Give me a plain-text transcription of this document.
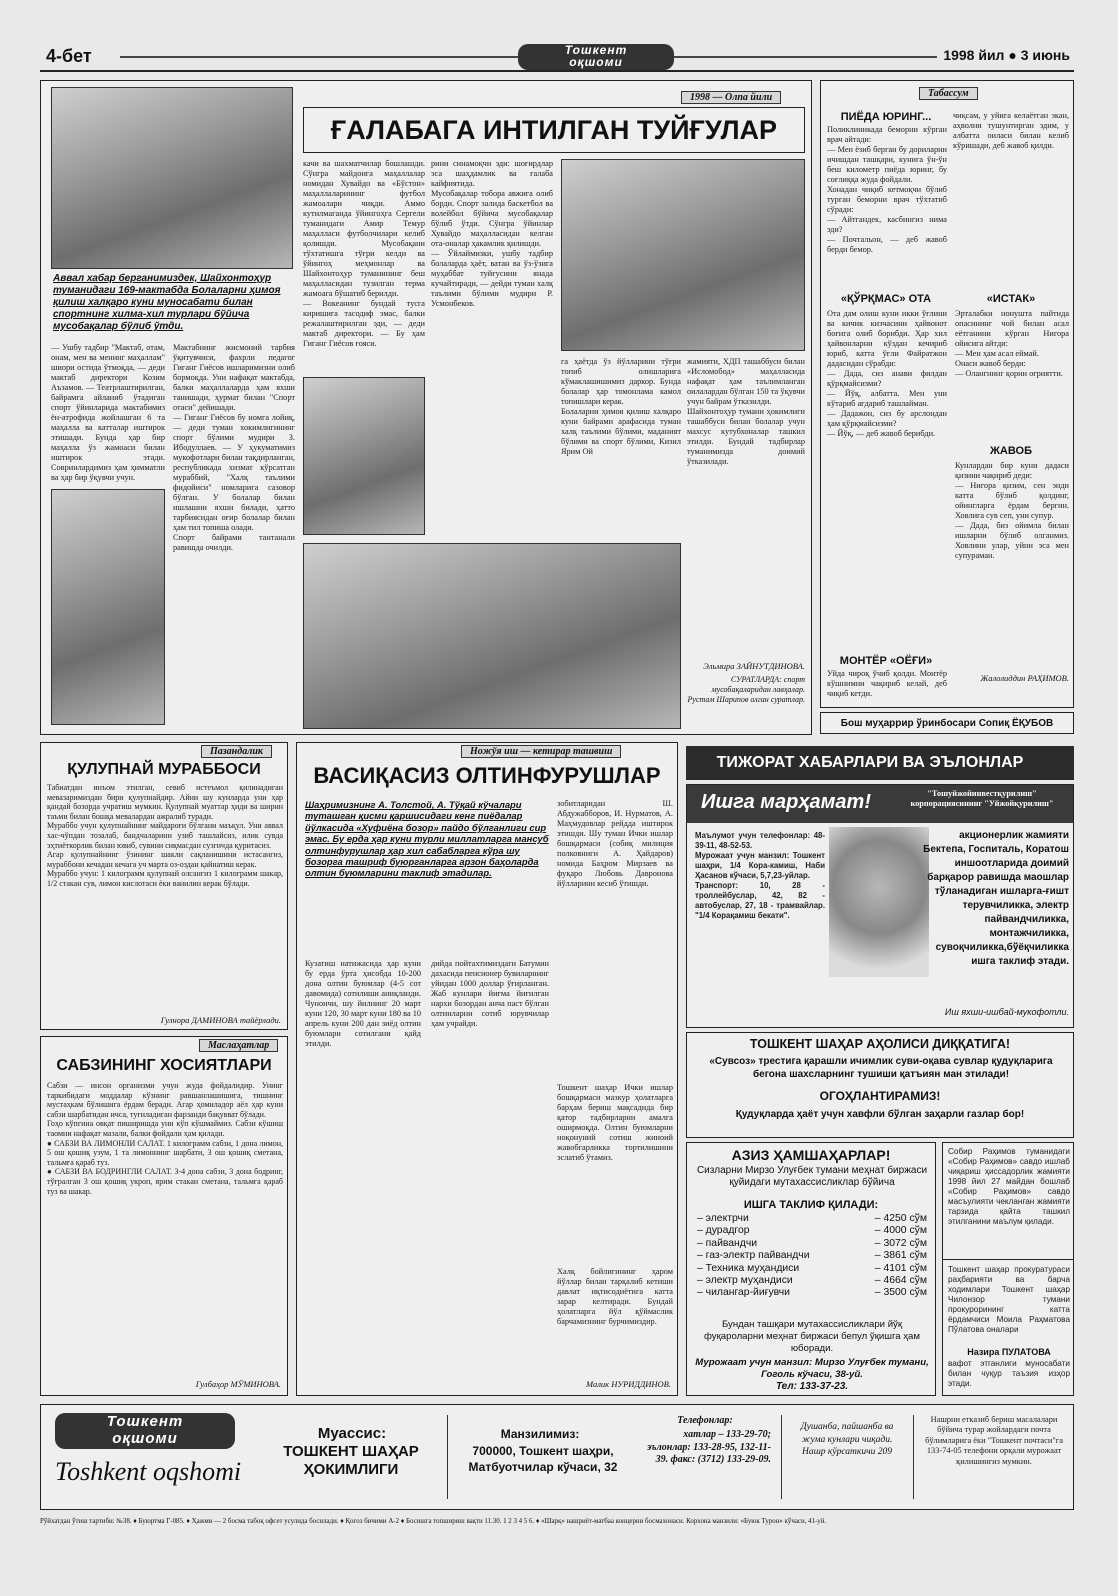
4-бет	Тошкент
оқшоми	1998 йил ● 3 июнь
Аввал хабар берганимиздек, Шайхонтоҳур туманидаги 169-мактабда Болаларни ҳимоя қилиш халқаро куни муносабати билан спортнинг хилма-хил турлари бўйича мусобақалар бўлиб ўтди.
— Ушбу тадбир "Мактаб, отам, онам, мен ва менинг маҳаллам" шиори остида ўтмоқда, — деди мактаб директори Козим Аъзамов. — Театрлаштирилган, байрамга айланиб ўтадиган спорт ўйинларида мактабимиз ён-атрофида жойлашган 6 та маҳалла ва катталар иштирок этишади. Бунда ҳар бир маҳалла ўз жамоаси билан иштирок этади. Совринлардимиз ҳам ҳимматли ва ҳар бир ўқувчи учун.
Мактабнинг жисмоний тарбия ўқитувчиси, фахрли педагог Гиганг Гиёсов ишларимизни олиб бормоқда. Уни нафақат мактабда, балки маҳаллаларда ҳам яхши танишади, ҳурмат билан "Спорт отаси" дейишади.
— Гиганг Гиёсов бу номга лойиқ, — деди туман хокимлигининг спорт бўлими мудири З. Ибодуллаев. — У ҳукуматимиз мукофотлари билан тақдирланган, республикада хизмат кўрсатган мураббий, "Халқ таълими фидойиси" номларига сазовор бўлган. У болалар билан ишлашни яхши билади, ҳатто тарбиясидан оғир болалар билан ҳам тил топиша олади.
Спорт байрами тантанали равишда очилди.
1998 — Олпа йили
ҒАЛАБАГА ИНТИЛГАН ТУЙҒУЛАР
качи ва шахматчилар бошлашди. Сўнгра майдонга маҳаллалар номидан Хувайдо ва «Бўстон» маҳаллаларининг футбол жамоалари чиқди. Аммо кутилмаганда ўйингоҳга Сергели туманидаги Амир Темур маҳалласи футболчилари келиб қолишди. Мусобақани тўхтатишга тўғри келди ва ўйингоҳ меҳмонлар ва Шайхонтоҳур туманининг беш маҳалласидан тузилган терма жамоага бўшатиб берилди.
— Вокеанинг бундай тусга киришига тасодиф эмас, балки режалаштирилган эди, — деди мактаб директори. — Бу ҳам Гиганг Гиёсов ғояси.
рини синамоқчи эди: шоғирдлар эса шаҳдамлик ва ғалаба кайфиятида.
Мусобақалар тобора авжига олиб борди. Спорт залида баскетбол ва волейбол бўйича мусобақалар бўлиб ўтди. Сўнгра ўйинлар Хувайдо маҳалласидан келган ота-оналар ҳакамлик қилишди.
— Ўйлаймизки, ушбу тадбир болаларда ҳаёт, ватан ва ўз-ўзига муҳаббат туйғусини янада кучайтиради, — дейди туман халқ таълими бўлими мудири Р. Усмонбеков.
га ҳаётда ўз йўлларини тўғри топиб олишларига кўмаклашишимиз даркор. Бунда болалар ҳар томонлама камол топишлари керак.
Болаларни ҳимоя қилиш халқаро куни байрами арафасида туман халқ таълими бўлими, маданият бўлими ва спорт бўлими, Кизил Ярим Ой
жамияти, ХДП ташаббуси билан «Исломобод» маҳалласида нафақат ҳам таълимланган оилалардан бўлган 150 та ўқувчи учун байрам ўтказилди.
Шайхонтоҳур тумани ҳокимлиги ташаббуси билан болалар учун махсус кутубхоналар ташкил этилди. Бундай тадбирлар туманимизда доимий ўтказилади.
Эльмира ЗАЙНУТДИНОВА.
СУРАТЛАРДА: спорт мусобақаларидан лавҳалар. Рустам Шарипов олган суратлар.
Табассум
ПИЁДА ЮРИНГ...
Поликлиникада беморни кўрган врач айтади:
— Мен ёзиб берган бу дориларни ичишдан ташқари, кунига ўн-ўн беш километр пиёда юринг, бу соғлиққа жуда фойдали.
Хонадан чиқиб кетмоқчи бўлиб турган беморни врач тўхтатиб сўради:
— Айтгандек, касбингиз нима эди?
— Почтальон, — деб жавоб берди бемор.
«ҚЎРҚМАС» ОТА
Ота дам олиш куни икки ўғлини ва кичик кизчасини ҳайвонот боғига олиб борибди. Ҳар хил ҳайвонларни кўздан кечириб юриб, катта ўғли Файратжон дадасидан сўрабди:
— Дада, сиз анави филдан қўрқмайсизми?
— Йўқ, албатта. Мен уни кўтариб ағдариб ташлайман.
— Дадажон, сиз бу арслондан ҳам қўрқмайсизми?
— Йўқ, — деб жавоб берибди.
МОНТЁР «ОЁҒИ»
Уйда чироқ ўчиб қолди. Монтёр кўшнимни чақириб келай, деб чиқиб кетди.
чиқсам, у уйига келаётган экан, аҳволни тушунтирган эдим, у албатта оиласи билан келиб кўришади, деб жавоб қилди.
«ИСТАК»
Эрталабки нонушта пайтида опасининг чой билан асал еётганини кўрган Нигора ойисига айтди:
— Мен ҳам асал еймай.
Онаси жавоб берди:
— Олангнинг қорни оғриятти.
ЖАВОБ
Кунлардан бир куни дадаси қизини чақириб деди:
— Нигора қизим, сен энди катта бўлиб қолдинг, ойингларга ёрдам бергин. Ховлига сув сеп, уни супур.
— Дада, биз ойимла билан ишларни бўлиб олганмиз. Ховлини улар, уйни эса мен супураман.
Жалолиддин РАҲИМОВ.
Бош муҳаррир ўринбосари Сопиқ ЁҚУБОВ
Пазандалик
ҚУЛУПНАЙ МУРАББОСИ
Табиатдан инъом этилган, севиб истеъмол қилинадиган мевазаримиздан бири қулупнайдир. Айни шу кунларда уни ҳар қандай бозорда учратиш мумкин. Қулупнай муаттар ҳиди ва ширин таъми билан бошқа мевалардан ажралиб туради.
Мураббо учун қулупнайнинг майдароғи бўлгани маъқул. Уни аввал хас-чўпдан тозалаб, бандчаларини узиб ташлайсиз, илик сувда эҳтиёткорлик билан ювиб, сувини сиқмасдан сузгичда қуритасиз.
Агар қулупнайнинг ўзининг шакли сақланишини истасангиз, мураббони кечадан кечага уч марта оз-оздан қайнатиш керак.
Мураббо учун: 1 килограмм қулупнай олсангиз 1 килограмм шакар, 1/2 стакан сув, лимон кислотаси ёки ванилин керак бўлади.
Гулнора ДАМИНОВА тайёрлади.
Маслаҳатлар
САБЗИНИНГ ХОСИЯТЛАРИ
Сабзи — инсон организми учун жуда фойдалидир. Унинг таркибидаги моддалар кўзнинг равшанлашишига, тишнинг мустаҳкам бўлишига ёрдам беради. Агар ҳомиладор аёл ҳар куни сабзи шарбатидан ичса, туғиладиган фарзанди бақувват бўлади.
Гоҳо кўпгина овқат пиширишда уни кўп кўшмаймиз. Сабзи кўшиш таомни нафақат мазали, балки фойдали ҳам қилади.
● САБЗИ ВА ЛИМОНЛИ САЛАТ. 1 килограмм сабзи, 1 дона лимон, 5 ош қошиқ узум, 1 та лимоннинг шарбати, 3 ош қошиқ сметана, тальмға қараб туз.
● САБЗИ ВА БОДРИНГЛИ САЛАТ. 3-4 дона сабзи, 3 дона бодринг, тўғралган 3 ош қошиқ укроп, ярим стакан сметана, тальмға қараб туз ва шакар.
Гулбаҳор МЎМИНОВА.
Ножўя иш — кетирар ташвиш
ВАСИҚАСИЗ ОЛТИНФУРУШЛАР
Шаҳримизнинг А. Толстой, А. Тўқай кўчалари туташган қисми қаршисидаги кенг пиёдалар йўлкасида «Хуфиёна бозор» пайдо бўлганлиги сир эмас. Бу ерда ҳар куни турли миллатларга мансуб олтинфурушлар ҳар хил сабабларга кўра шу бозорга ташриф буюрганларга арзон баҳоларда олтин буюмларини таклиф этадилар.
зобитларидан Ш. Абдужабборов, И. Нурматов, А. Маҳмудовлар рейдда иштирок этишди. Шу туман Ички ишлар бошқармаси (собиқ милиция полковниги А. Ҳайдаров) номида Баҳром Мирзаев ва фуқаро Любовь Давронова йўлларини кесиб ўтишди.
Кузатиш натижасида ҳар куни бу ерда ўрта ҳисобда 10-200 дона олтин буюмлар (4-5 сот давомида) сотилиши аниқланди. Чунончи, шу йилнинг 20 март куни 120, 30 март куни 180 ва 10 апрель куни 200 дан зиёд олтин буюмлари сотилгани қайд этилди.
дийда пойтахтимиздаги Батумин дахасида пенсионер бувиларнинг уйидан 1000 доллар ўғирланган. Жаб кунлари йиғма йиғилган нархи бозордан анча паст бўлган олтинларни сотиб юрувчилар ҳам учрайди.
Тошкент шаҳар Ички ишлар бошқармаси мазкур ҳолатларга барҳам бериш мақсадида бир қатор тадбирларни амалга оширмоқда. Олтин буюмларни ноқонуний сотиш жиноий жавобгарликка тортилишини эслатиб ўтамиз.
Халқ бойлигининг ҳаром йўллар билан тарқалиб кетиши давлат иқтисодиётига катта зарар келтиради. Бундай ҳолатларга йўл қўймаслик барчамизнинг бурчимиздир.
Малик НУРИДДИНОВ.
ТИЖОРАТ ХАБАРЛАРИ ВА ЭЪЛОНЛАР
Ишга марҳамат!	"Тошуйжойинвестқурилиш" корпорациясининг "Уйжойқурилиш"
Маълумот учун телефонлар: 48-39-11, 48-52-53.
Мурожаат учун манзил: Тошкент шаҳри, 1/4 Кора-камиш, Наби Ҳасанов кўчаси, 5,7,23-уйлар.
Транспорт: 10, 28 - троллейбуслар, 42, 82 - автобуслар, 27, 18 - трамвайлар. "1/4 Корақамиш бекати".
акционерлик жамияти Бектепа, Госпиталь, Коратош иншоотларида доимий барқарор равишда маошлар тўланадиган ишларга-ғишт терувчиликка, электр пайвандчиликка, монтажчиликка, сувоқчиликка,бўёқчиликка ишга таклиф этади.
Иш яхши-ишбай-мукофотли.
ТОШКЕНТ ШАҲАР АҲОЛИСИ ДИҚҚАТИГА!
«Сувсоз» трестига қарашли ичимлик суви-оқава сувлар қудуқларига бегона шахсларнинг тушиши қатъиян ман этилади!
ОГОҲЛАНТИРАМИЗ!
Қудуқларда ҳаёт учун хавфли бўлган заҳарли газлар бор!
АЗИЗ ҲАМШАҲАРЛАР!
Сизларни Мирзо Улуғбек тумани меҳнат биржаси қуйидаги мутахассисликлар бўйича
ИШГА ТАКЛИФ ҚИЛАДИ:
– электрчи	– 4250 сўм
– дурадгор	– 4000 сўм
– пайвандчи	– 3072 сўм
– газ-электр пайвандчи	– 3861 сўм
– Техника муҳандиси	– 4101 сўм
– электр муҳандиси	– 4664 сўм
– чилангар-йиғувчи	– 3500 сўм
Бундан ташқари мутахассисликлари йўқ фуқароларни меҳнат биржаси бепул ўқишга ҳам юборади.
Мурожаат учун манзил: Мирзо Улуғбек тумани, Гоголь кўчаси, 38-уй.
Тел: 133-37-23.
Собир Раҳимов туманидаги «Собир Раҳимов» савдо ишлаб чиқариш ҳиссадорлик жамияти 1998 йил 27 майдан бошлаб «Собир Раҳимов» савдо масъулияти чекланган жамияти тарзида қайта ташкил этилганини маълум қилади.
Тошкент шаҳар прокуратураси раҳбарияти ва барча ходимлари Тошкент шаҳар Чилонзор тумани прокурорининг катта ёрдамчиси Моила Раҳматова Пўлатова оналари
Назира ПУЛАТОВА
вафот этганлиги муносабати билан чуқур таъзия изҳор этади.
Тошкент
оқшоми
Toshkent oqshomi
Муассис:
ТОШКЕНТ ШАҲАР ҲОКИМЛИГИ
Манзилимиз:
700000, Тошкент шаҳри, Матбуотчилар кўчаси, 32
Телефонлар:
хатлар – 133-29-70; эълонлар: 133-28-95, 132-11-39. факс: (3712) 133-29-09.
Душанба, пайшанба ва жума кунлари чиқади. Нашр кўрсаткичи 209
Нашрни етказиб бериш масалалари бўйича турар жойлардаги почта бўлимларига ёки "Тошкент почтаси"га 133-74-05 телефони орқали мурожаат қилишингиз мумкин.
Рўйхатдан ўтиш тартиби: №38. ♦ Буюртма Г-085. ♦ Ҳажми — 2 босма табоқ офсет усулида босилади. ♦ Қоғоз бичими А-2 ♦ Босишга топшириш вақти 11.30. 1 2 3 4 5 6. ♦ «Шарқ» нашриёт-матбаа концерни босмахонаси. Корхона манзили: «Буюк Турон» кўчаси, 41-уй.
